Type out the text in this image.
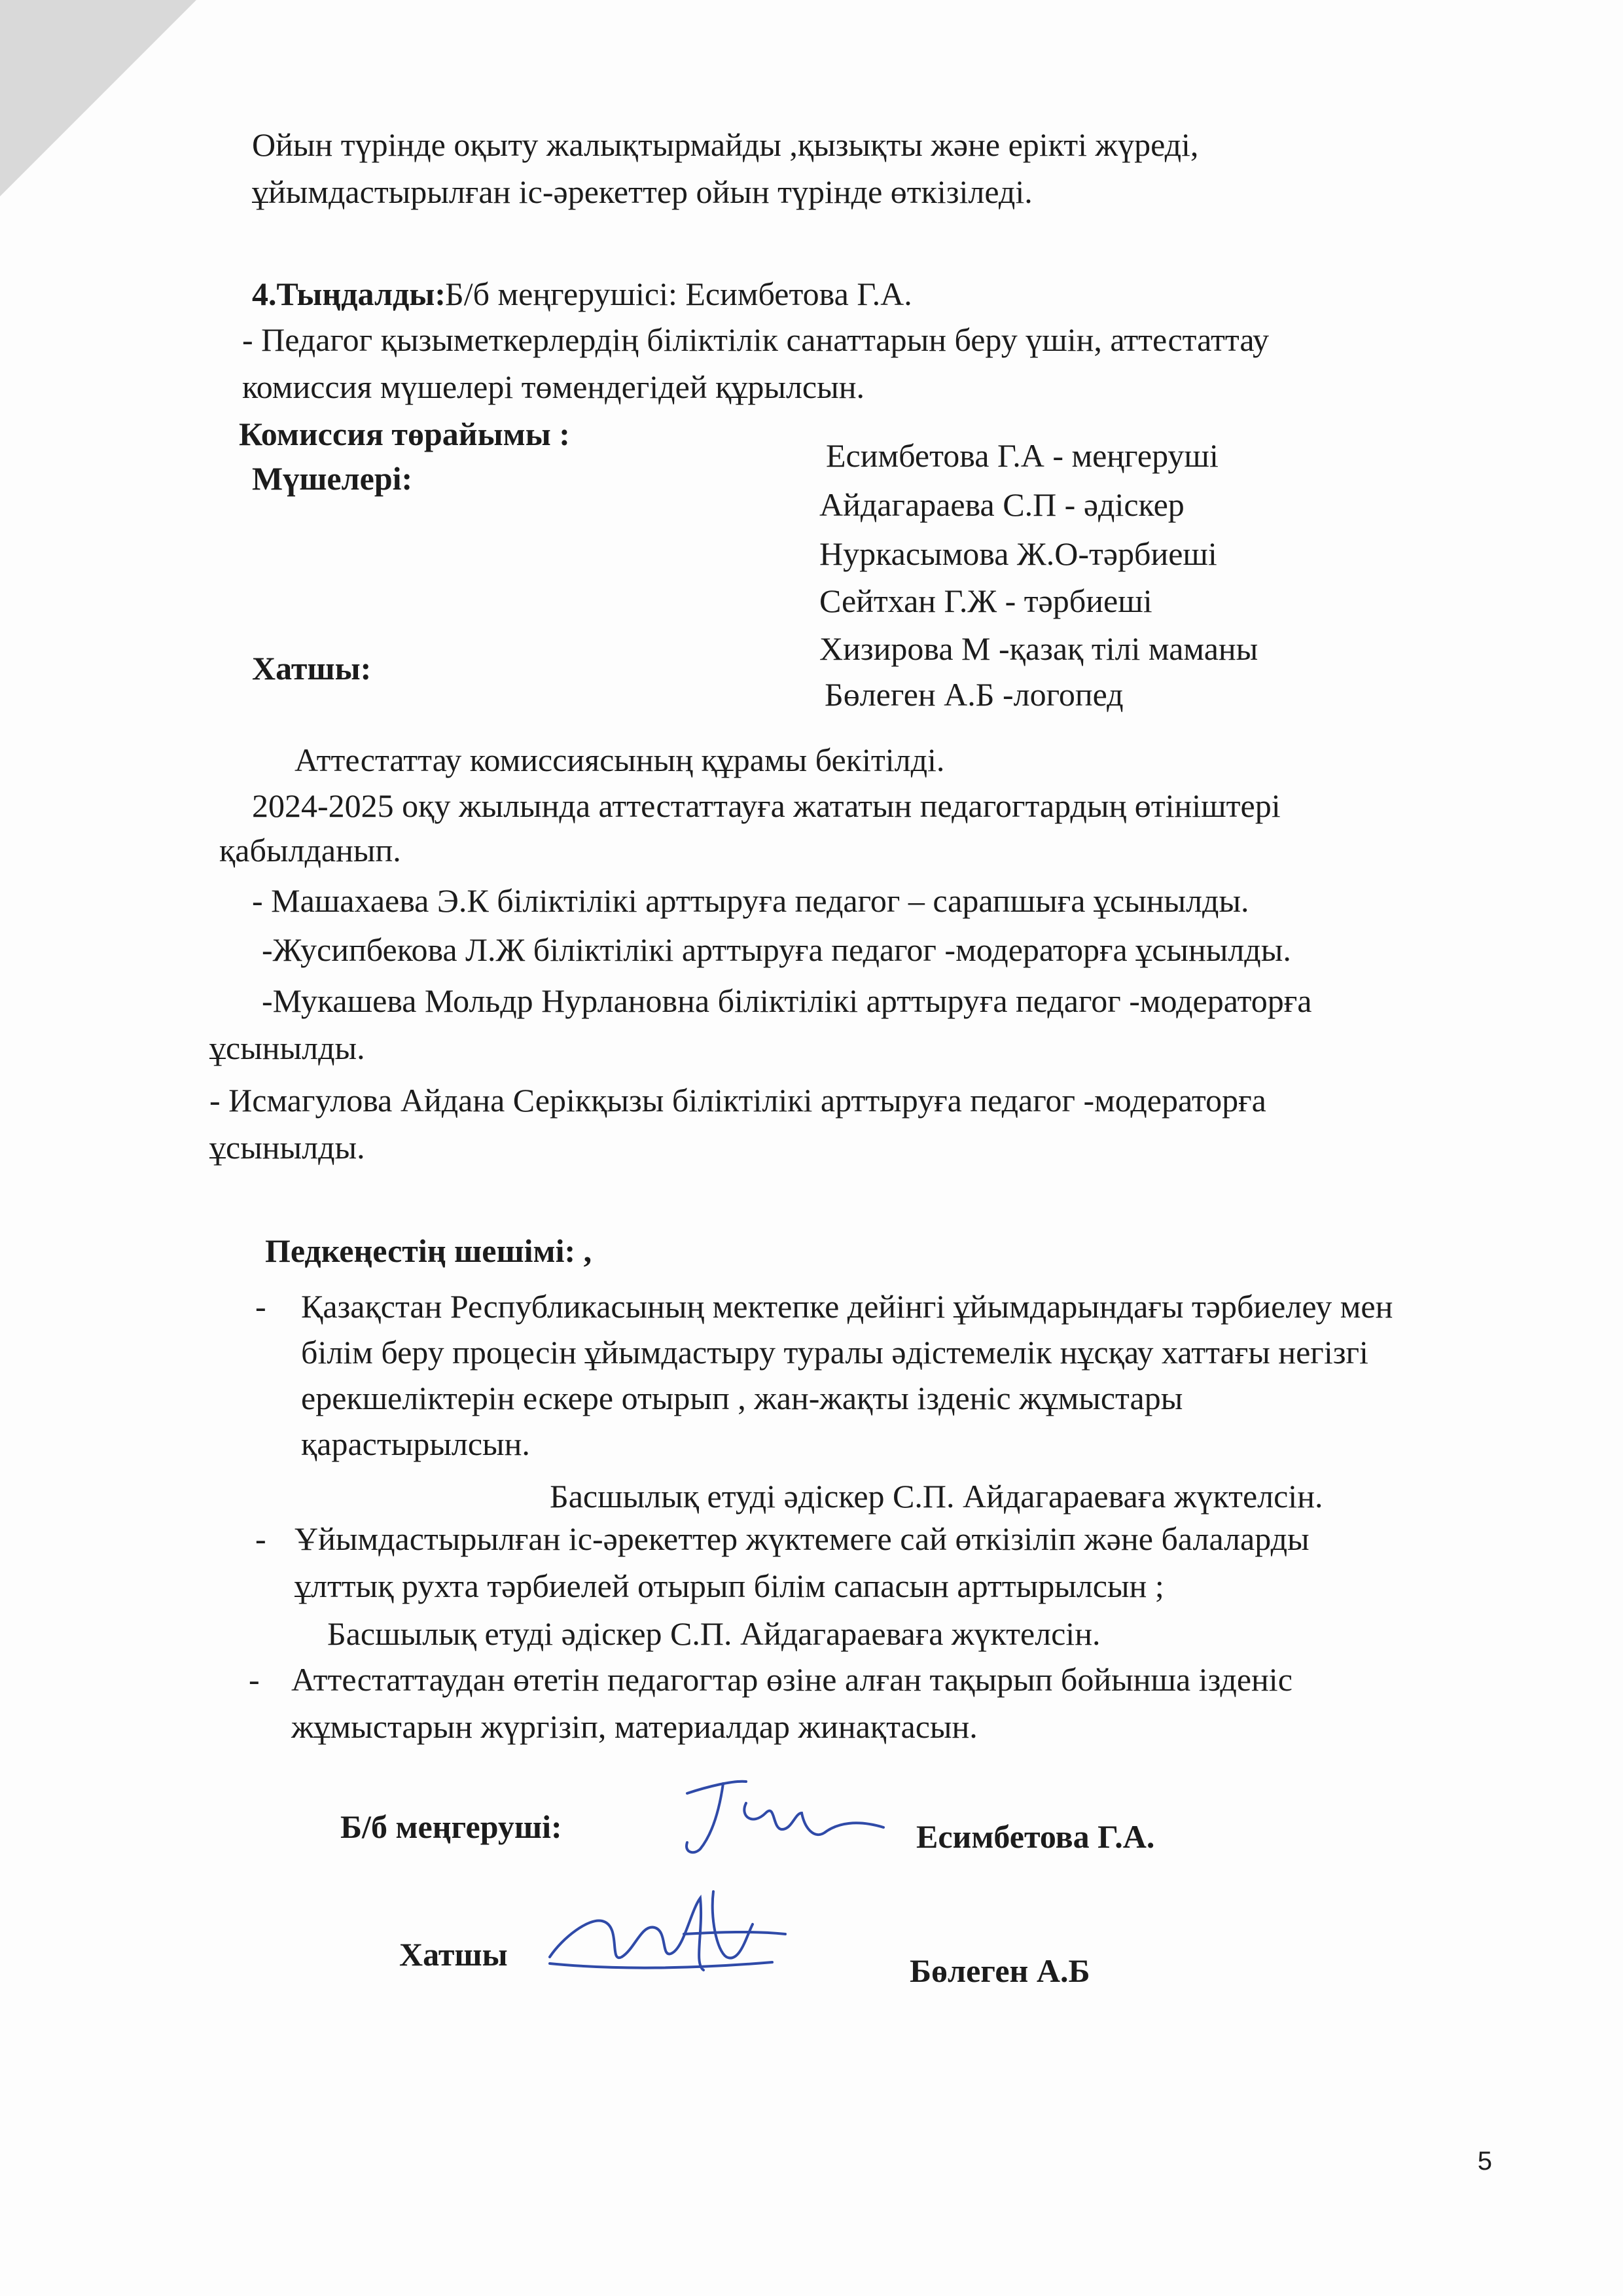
Ойын түрінде оқыту жалықтырмайды ,қызықты және ерікті жүреді,
ұйымдастырылған іс-әрекеттер ойын түрінде өткізіледі.
4.Тыңдалды: Б/б меңгерушісі: Есимбетова Г.А.
- Педагог қызыметкерлердің біліктілік санаттарын беру үшін, аттестаттау
комиссия мүшелері төмендегідей құрылсын.
Комиссия төрайымы :
Мүшелері:
Хатшы:
Есимбетова Г.А - меңгеруші
Айдагараева С.П - әдіскер
Нуркасымова Ж.О-тәрбиеші
Сейтхан Г.Ж - тәрбиеші
Хизирова М -қазақ тілі маманы
Бөлеген А.Б -логопед
Аттестаттау комиссиясының құрамы бекітілді.
2024-2025 оқу жылында аттестаттауға жататын педагогтардың өтініштері
қабылданып.
- Машахаева Э.К біліктілікі арттыруға педагог – сарапшыға ұсынылды.
-Жусипбекова Л.Ж біліктілікі арттыруға педагог -модераторға ұсынылды.
-Мукашева Мольдр Нурлановна біліктілікі арттыруға педагог -модераторға
ұсынылды.
- Исмагулова Айдана Серікқызы біліктілікі арттыруға педагог -модераторға
ұсынылды.
Педкеңестің шешімі: ,
- Қазақстан Республикасының мектепке дейінгі ұйымдарындағы тәрбиелеу мен
білім беру процесін ұйымдастыру туралы әдістемелік нұсқау хаттағы негізгі
ерекшеліктерін ескере отырып , жан-жақты ізденіс жұмыстары
қарастырылсын.
Басшылық етуді әдіскер С.П. Айдагараеваға жүктелсін.
- Ұйымдастырылған іс-әрекеттер жүктемеге сай өткізіліп және балаларды
ұлттық рухта тәрбиелей отырып білім сапасын арттырылсын ;
Басшылық етуді әдіскер С.П. Айдагараеваға жүктелсін.
- Аттестаттаудан өтетін педагогтар өзіне алған тақырып бойынша ізденіс
жұмыстарын жүргізіп, материалдар жинақтасын.
Б/б меңгеруші:	Есимбетова Г.А.
Хатшы	Бөлеген А.Б
5
